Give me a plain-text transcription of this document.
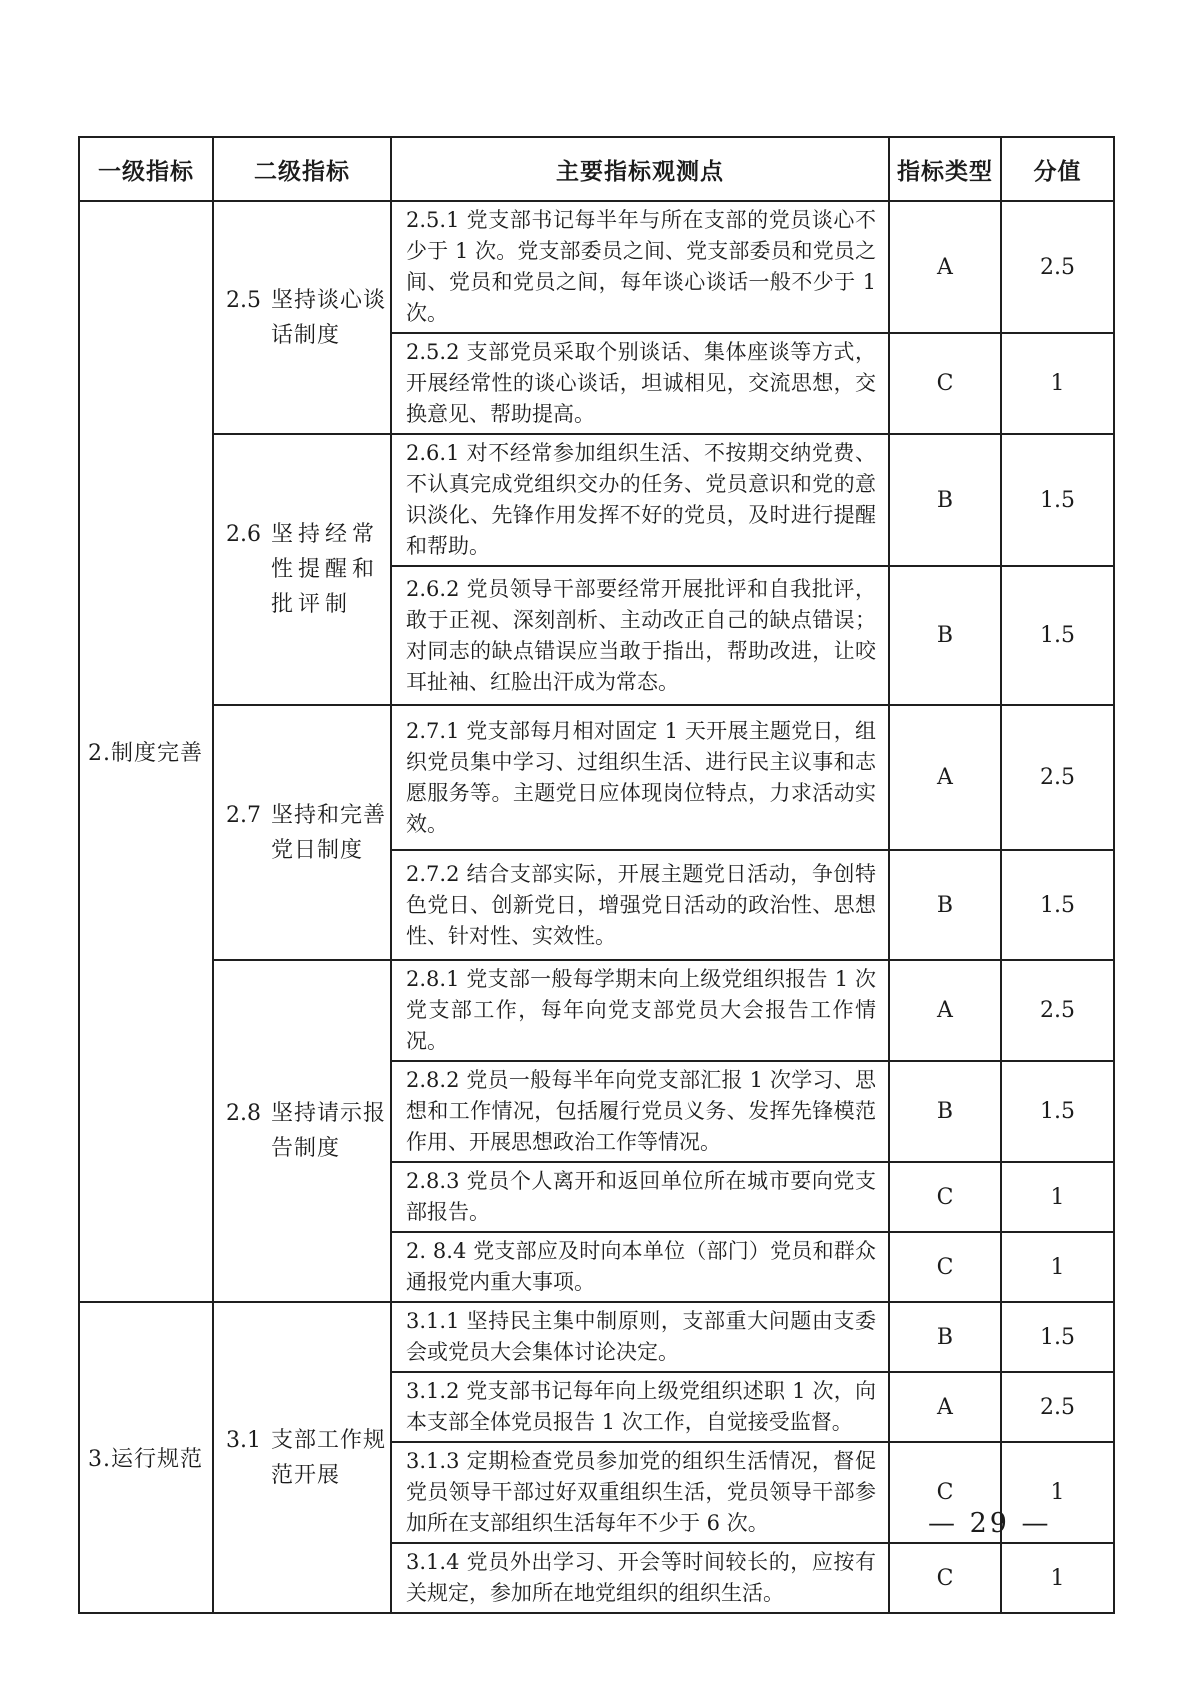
一级指标	二级指标	主要指标观测点	指标类型	分值
2.制度完善	2.5 坚持谈心谈话制度	2.5.1 党支部书记每半年与所在支部的党员谈心不少于 1 次。党支部委员之间、党支部委员和党员之间、党员和党员之间，每年谈心谈话一般不少于 1 次。	A	2.5
		2.5.2 支部党员采取个别谈话、集体座谈等方式，开展经常性的谈心谈话，坦诚相见，交流思想，交换意见、帮助提高。	C	1

	2.6 坚持经常性提醒和批评制	2.6.1 对不经常参加组织生活、不按期交纳党费、不认真完成党组织交办的任务、党员意识和党的意识淡化、先锋作用发挥不好的党员，及时进行提醒和帮助。	B	1.5
		2.6.2 党员领导干部要经常开展批评和自我批评，敢于正视、深刻剖析、主动改正自己的缺点错误；对同志的缺点错误应当敢于指出，帮助改进，让咬耳扯袖、红脸出汗成为常态。	B	1.5

	2.7 坚持和完善党日制度	2.7.1 党支部每月相对固定 1 天开展主题党日，组织党员集中学习、过组织生活、进行民主议事和志愿服务等。主题党日应体现岗位特点，力求活动实效。	A	2.5
		2.7.2 结合支部实际，开展主题党日活动，争创特色党日、创新党日，增强党日活动的政治性、思想性、针对性、实效性。	B	1.5

	2.8 坚持请示报告制度	2.8.1 党支部一般每学期末向上级党组织报告 1 次党支部工作，每年向党支部党员大会报告工作情况。	A	2.5
		2.8.2 党员一般每半年向党支部汇报 1 次学习、思想和工作情况，包括履行党员义务、发挥先锋模范作用、开展思想政治工作等情况。	B	1.5
		2.8.3 党员个人离开和返回单位所在城市要向党支部报告。	C	1
		2. 8.4 党支部应及时向本单位（部门）党员和群众通报党内重大事项。	C	1
3.运行规范	3.1 支部工作规范开展	3.1.1 坚持民主集中制原则，支部重大问题由支委会或党员大会集体讨论决定。	B	1.5
		3.1.2 党支部书记每年向上级党组织述职 1 次，向本支部全体党员报告 1 次工作，自觉接受监督。	A	2.5
		3.1.3 定期检查党员参加党的组织生活情况，督促党员领导干部过好双重组织生活，党员领导干部参加所在支部组织生活每年不少于 6 次。	C	1
		3.1.4 党员外出学习、开会等时间较长的，应按有关规定，参加所在地党组织的组织生活。	C	1
— 29 —
